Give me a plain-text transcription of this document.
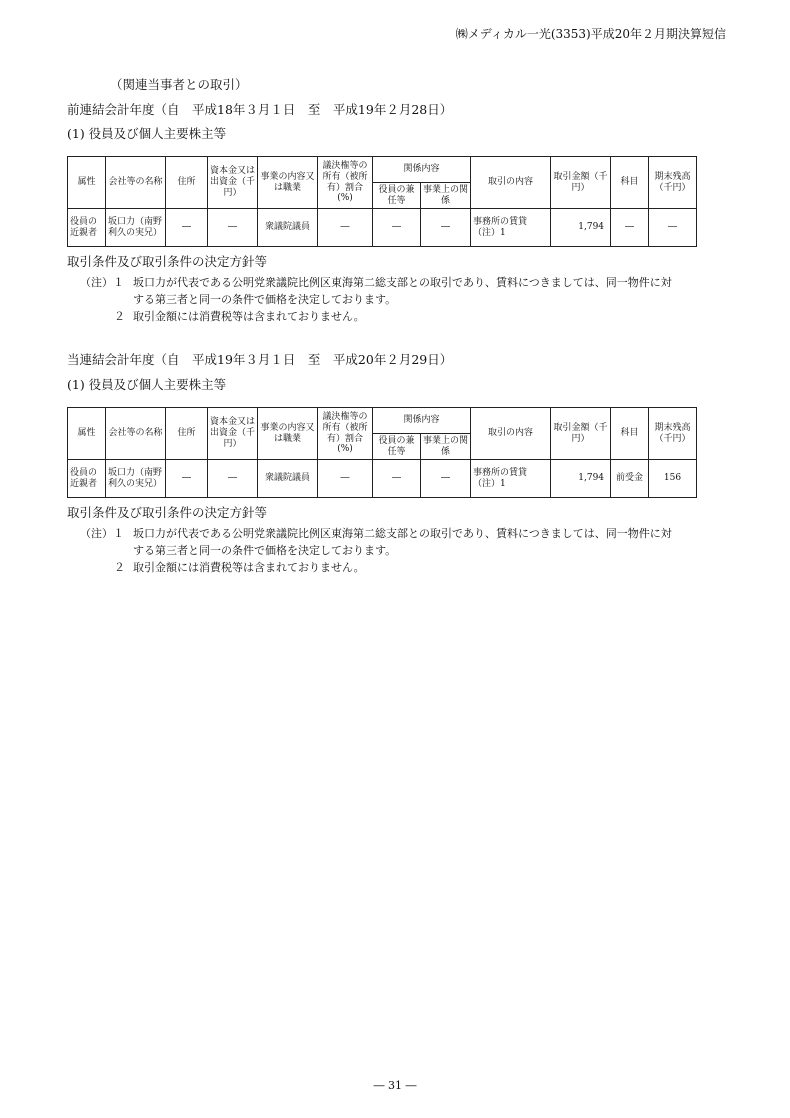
㈱メディカル一光(3353)平成20年２月期決算短信
（関連当事者との取引）
前連結会計年度（自　平成18年３月１日　至　平成19年２月28日）
(1) 役員及び個人主要株主等
属性	会社等の名称	住所	資本金又は出資金（千円）	事業の内容又は職業	議決権等の所有（被所有）割合(%)	関係内容		取引の内容	取引金額（千円）	科目	期末残高（千円）
						役員の兼任等	事業上の関係				
役員の近親者	坂口力（南野利久の実兄）	―	―	衆議院議員	―	―	―	事務所の賃貸（注）1	1,794	―	―
取引条件及び取引条件の決定方針等
（注）１ 坂口力が代表である公明党衆議院比例区東海第二総支部との取引であり、賃料につきましては、同一物件に対
する第三者と同一の条件で価格を決定しております。
２ 取引金額には消費税等は含まれておりません。
当連結会計年度（自　平成19年３月１日　至　平成20年２月29日）
(1) 役員及び個人主要株主等
属性	会社等の名称	住所	資本金又は出資金（千円）	事業の内容又は職業	議決権等の所有（被所有）割合(%)	関係内容		取引の内容	取引金額（千円）	科目	期末残高（千円）
						役員の兼任等	事業上の関係				
役員の近親者	坂口力（南野利久の実兄）	―	―	衆議院議員	―	―	―	事務所の賃貸（注）1	1,794	前受金	156
取引条件及び取引条件の決定方針等
（注）１ 坂口力が代表である公明党衆議院比例区東海第二総支部との取引であり、賃料につきましては、同一物件に対
する第三者と同一の条件で価格を決定しております。
２ 取引金額には消費税等は含まれておりません。
― 31 ―
